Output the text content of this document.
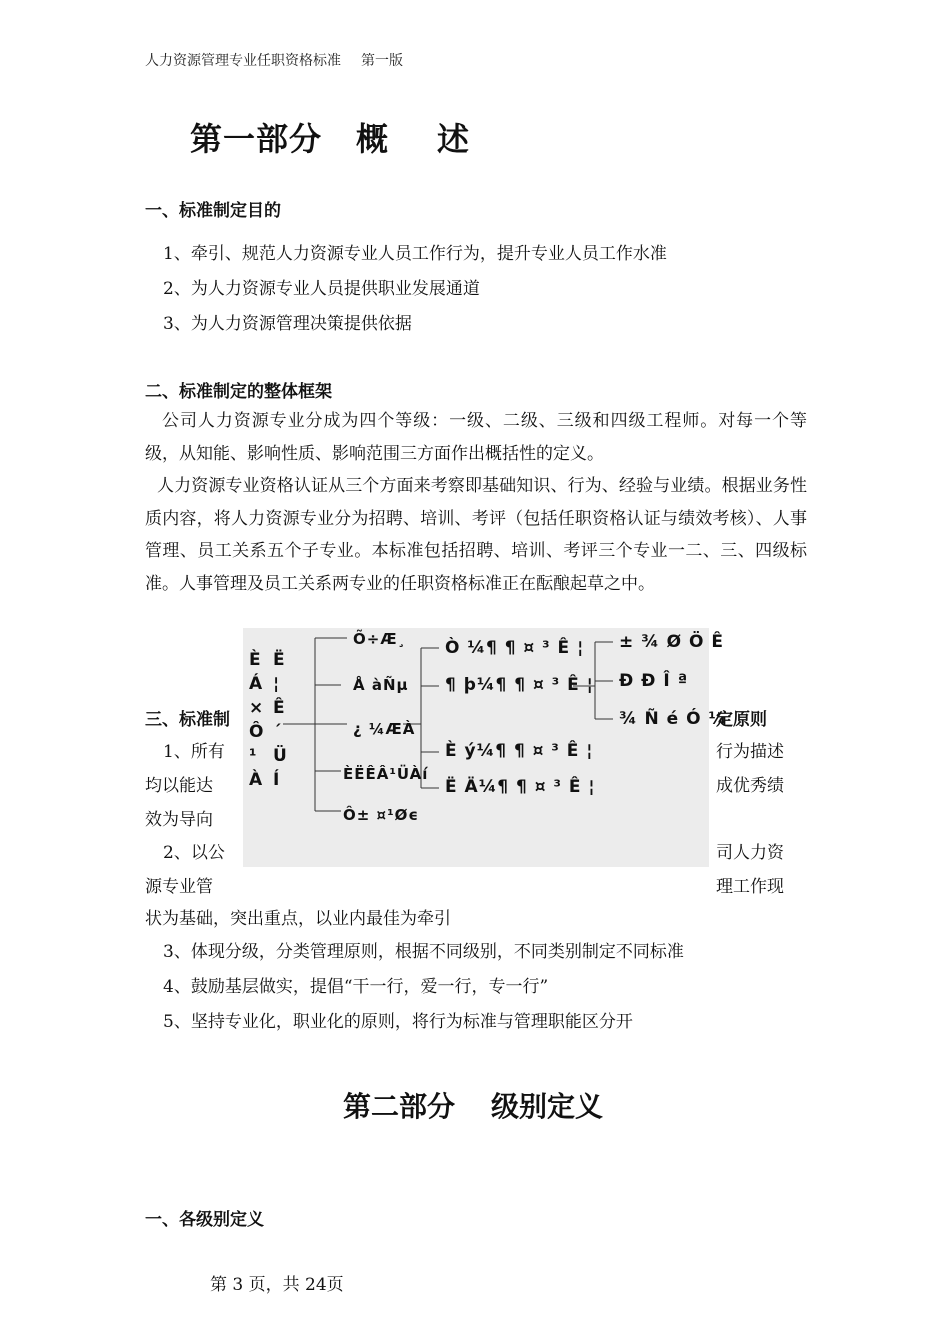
人力资源管理专业任职资格标准 第一版
第一部分 概 述
一、标准制定目的
1、牵引、规范人力资源专业人员工作行为，提升专业人员工作水准
2、为人力资源专业人员提供职业发展通道
3、为人力资源管理决策提供依据
二、标准制定的整体框架

公司人力资源专业分成为四个等级：一级、二级、三级和四级工程师。对每一个等级，从知能、影响性质、影响范围三方面作出概括性的定义。

人力资源专业资格认证从三个方面来考察即基础知识、行为、经验与业绩。根据业务性质内容，将人力资源专业分为招聘、培训、考评（包括任职资格认证与绩效考核）、人事管理、员工关系五个子专业。本标准包括招聘、培训、考评三个专业一二、三、四级标准。人事管理及员工关系两专业的任职资格标准正在酝酿起草之中。

三、标准制	定原则
1、所有	行为描述
均以能达	成优秀绩
效为导向
2、以公	司人力资
源专业管	理工作现
状为基础，突出重点，以业内最佳为牵引
3、体现分级，分类管理原则，根据不同级别，不同类别制定不同标准
4、鼓励基层做实，提倡“干一行，爱一行，专一行”
5、坚持专业化，职业化的原则，将行为标准与管理职能区分开
È Ë
Á ¦
× Ê
Ô ´
¹ Ü
À Í
Õ÷Æ¸
Å àÑµ
¿ ¼ÆÀ
ÈËÊÂ¹ÜÀí
Ô± ¤¹Øϵ
Ò ¼¶ ¶ ¤ ³ Ê ¦
¶ þ¼¶ ¶ ¤ ³ Ê ¦
È ý¼¶ ¶ ¤ ³ Ê ¦
Ë Ä¼¶ ¶ ¤ ³ Ê ¦
± ¾ Ø Ö Ê
Ð Ð Î ª
¾ Ñ é Ó ¼
第二部分 级别定义
一、各级别定义
第 3 页，共 24页
